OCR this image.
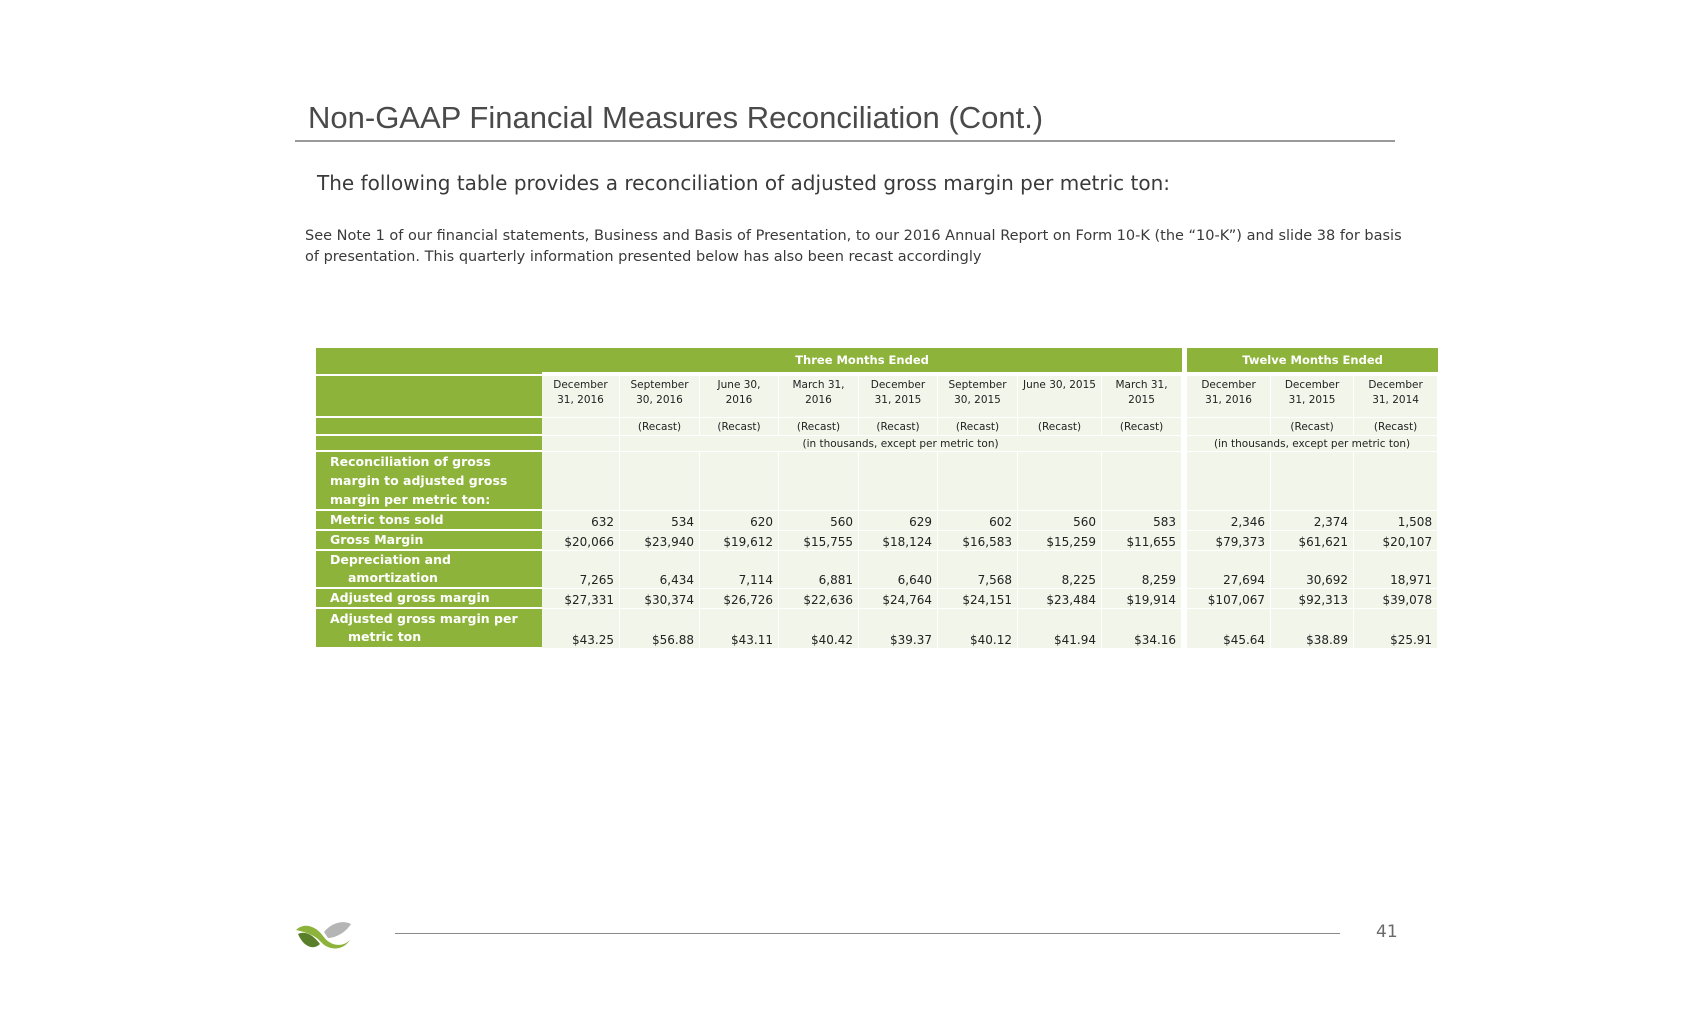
Non-GAAP Financial Measures Reconciliation (Cont.)

The following table provides a reconciliation of adjusted gross margin per metric ton:

See Note 1 of our financial statements, Business and Basis of Presentation, to our 2016 Annual Report on Form 10-K (the “10-K”) and slide 38 for basis of presentation. This quarterly information presented below has also been recast accordingly

	Three Months Ended									Twelve Months Ended		
	December 31, 2016	September 30, 2016	June 30, 2016	March 31, 2016	December 31, 2015	September 30, 2015	June 30, 2015	March 31, 2015		December 31, 2016	December 31, 2015	December 31, 2014
		(Recast)	(Recast)	(Recast)	(Recast)	(Recast)	(Recast)	(Recast)			(Recast)	(Recast)
		(in thousands, except per metric ton)								(in thousands, except per metric ton)		
Reconciliation of gross margin to adjusted gross margin per metric ton:												

Metric tons sold	632	534	620	560	629	602	560	583		2,346	2,374	1,508

Gross Margin	$20,066	$23,940	$19,612	$15,755	$18,124	$16,583	$15,259	$11,655		$79,373	$61,621	$20,107

Depreciation and
amortization	7,265	6,434	7,114	6,881	6,640	7,568	8,225	8,259		27,694	30,692	18,971

Adjusted gross margin	$27,331	$30,374	$26,726	$22,636	$24,764	$24,151	$23,484	$19,914		$107,067	$92,313	$39,078

Adjusted gross margin per
metric ton	$43.25	$56.88	$43.11	$40.42	$39.37	$40.12	$41.94	$34.16		$45.64	$38.89	$25.91
41
